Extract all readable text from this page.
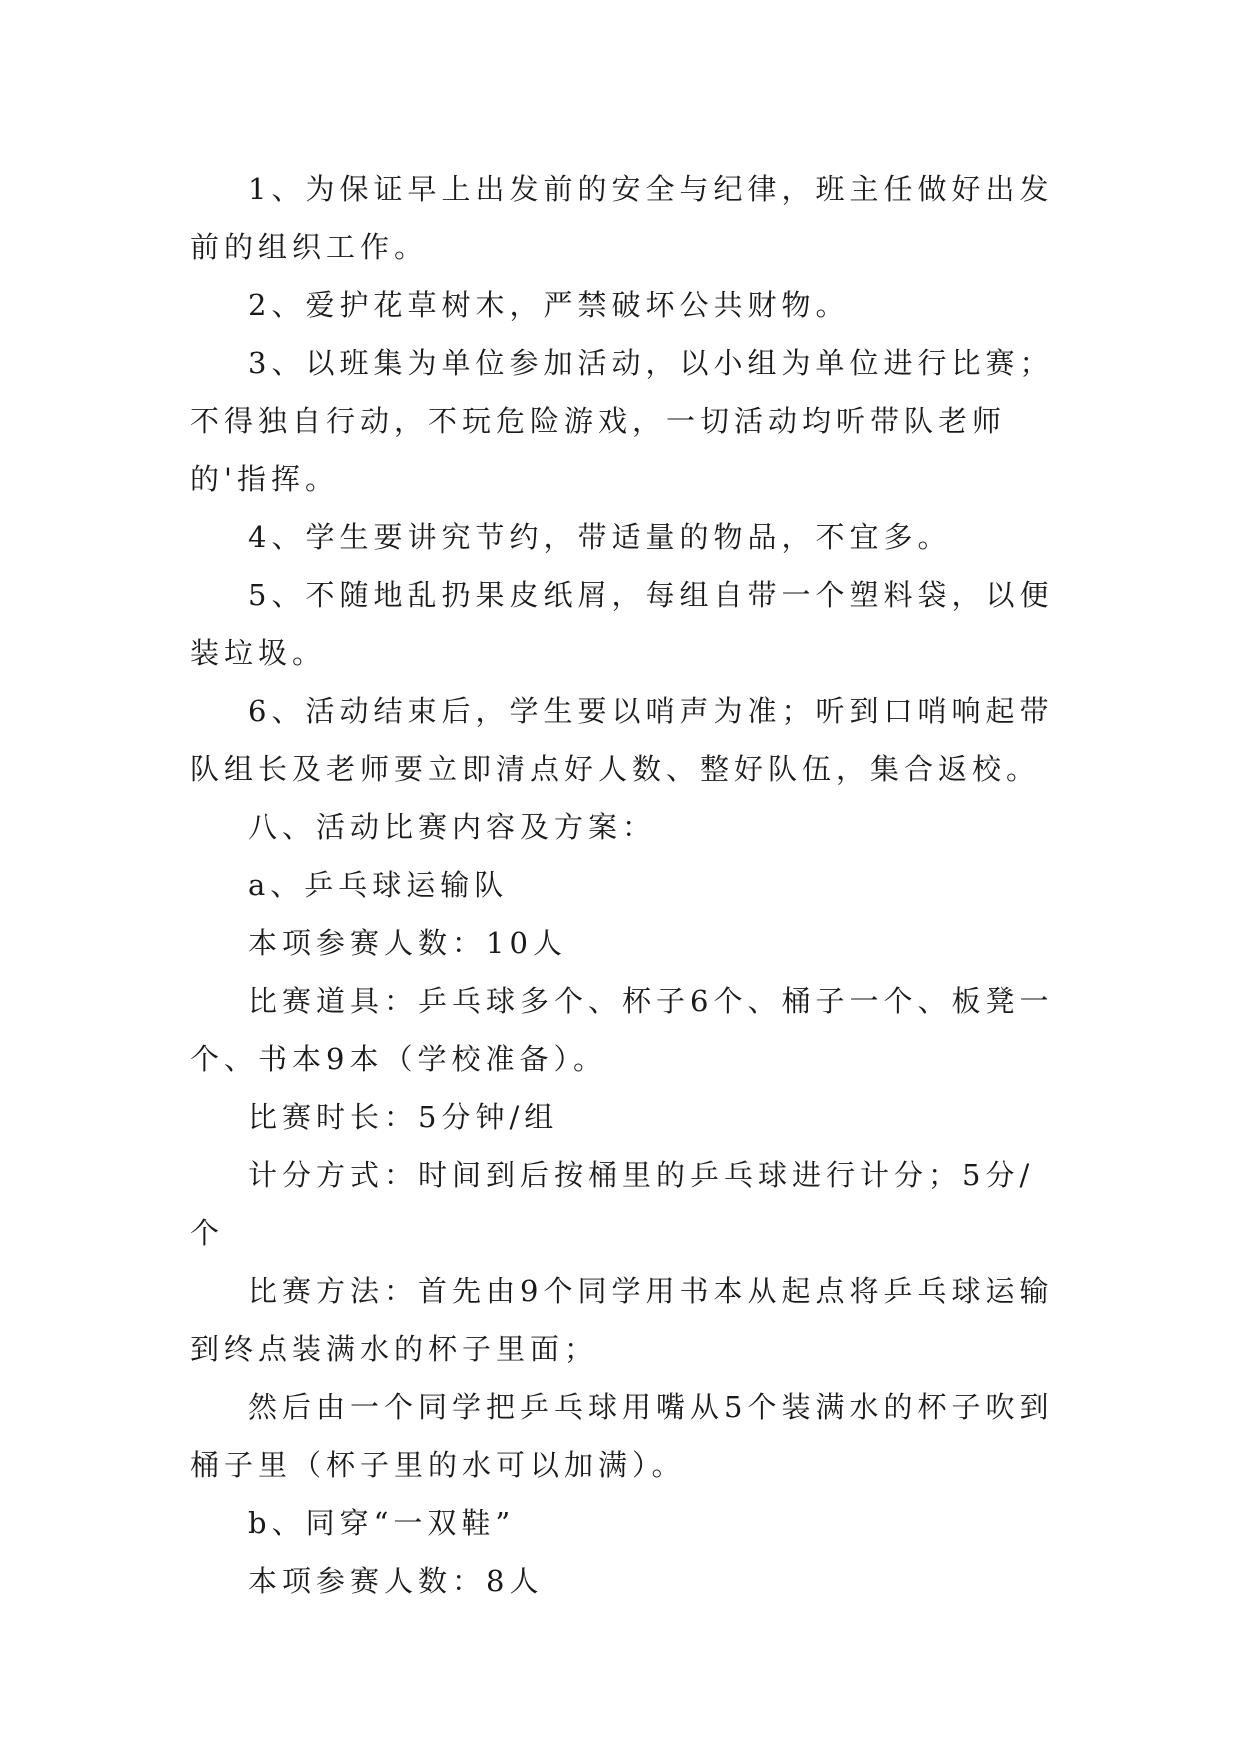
1、为保证早上出发前的安全与纪律，班主任做好出发前的组织工作。

2、爱护花草树木，严禁破坏公共财物。

3、以班集为单位参加活动，以小组为单位进行比赛；不得独自行动，不玩危险游戏，一切活动均听带队老师的'指挥。

4、学生要讲究节约，带适量的物品，不宜多。

5、不随地乱扔果皮纸屑，每组自带一个塑料袋，以便装垃圾。

6、活动结束后，学生要以哨声为准；听到口哨响起带队组长及老师要立即清点好人数、整好队伍，集合返校。

八、活动比赛内容及方案：

a、乒乓球运输队

本项参赛人数：10人

比赛道具：乒乓球多个、杯子6个、桶子一个、板凳一个、书本9本（学校准备）。

比赛时长：5分钟/组

计分方式：时间到后按桶里的乒乓球进行计分；5分/个

比赛方法：首先由9个同学用书本从起点将乒乓球运输到终点装满水的杯子里面；

然后由一个同学把乒乓球用嘴从5个装满水的杯子吹到桶子里（杯子里的水可以加满）。

b、同穿“一双鞋”

本项参赛人数：8人
